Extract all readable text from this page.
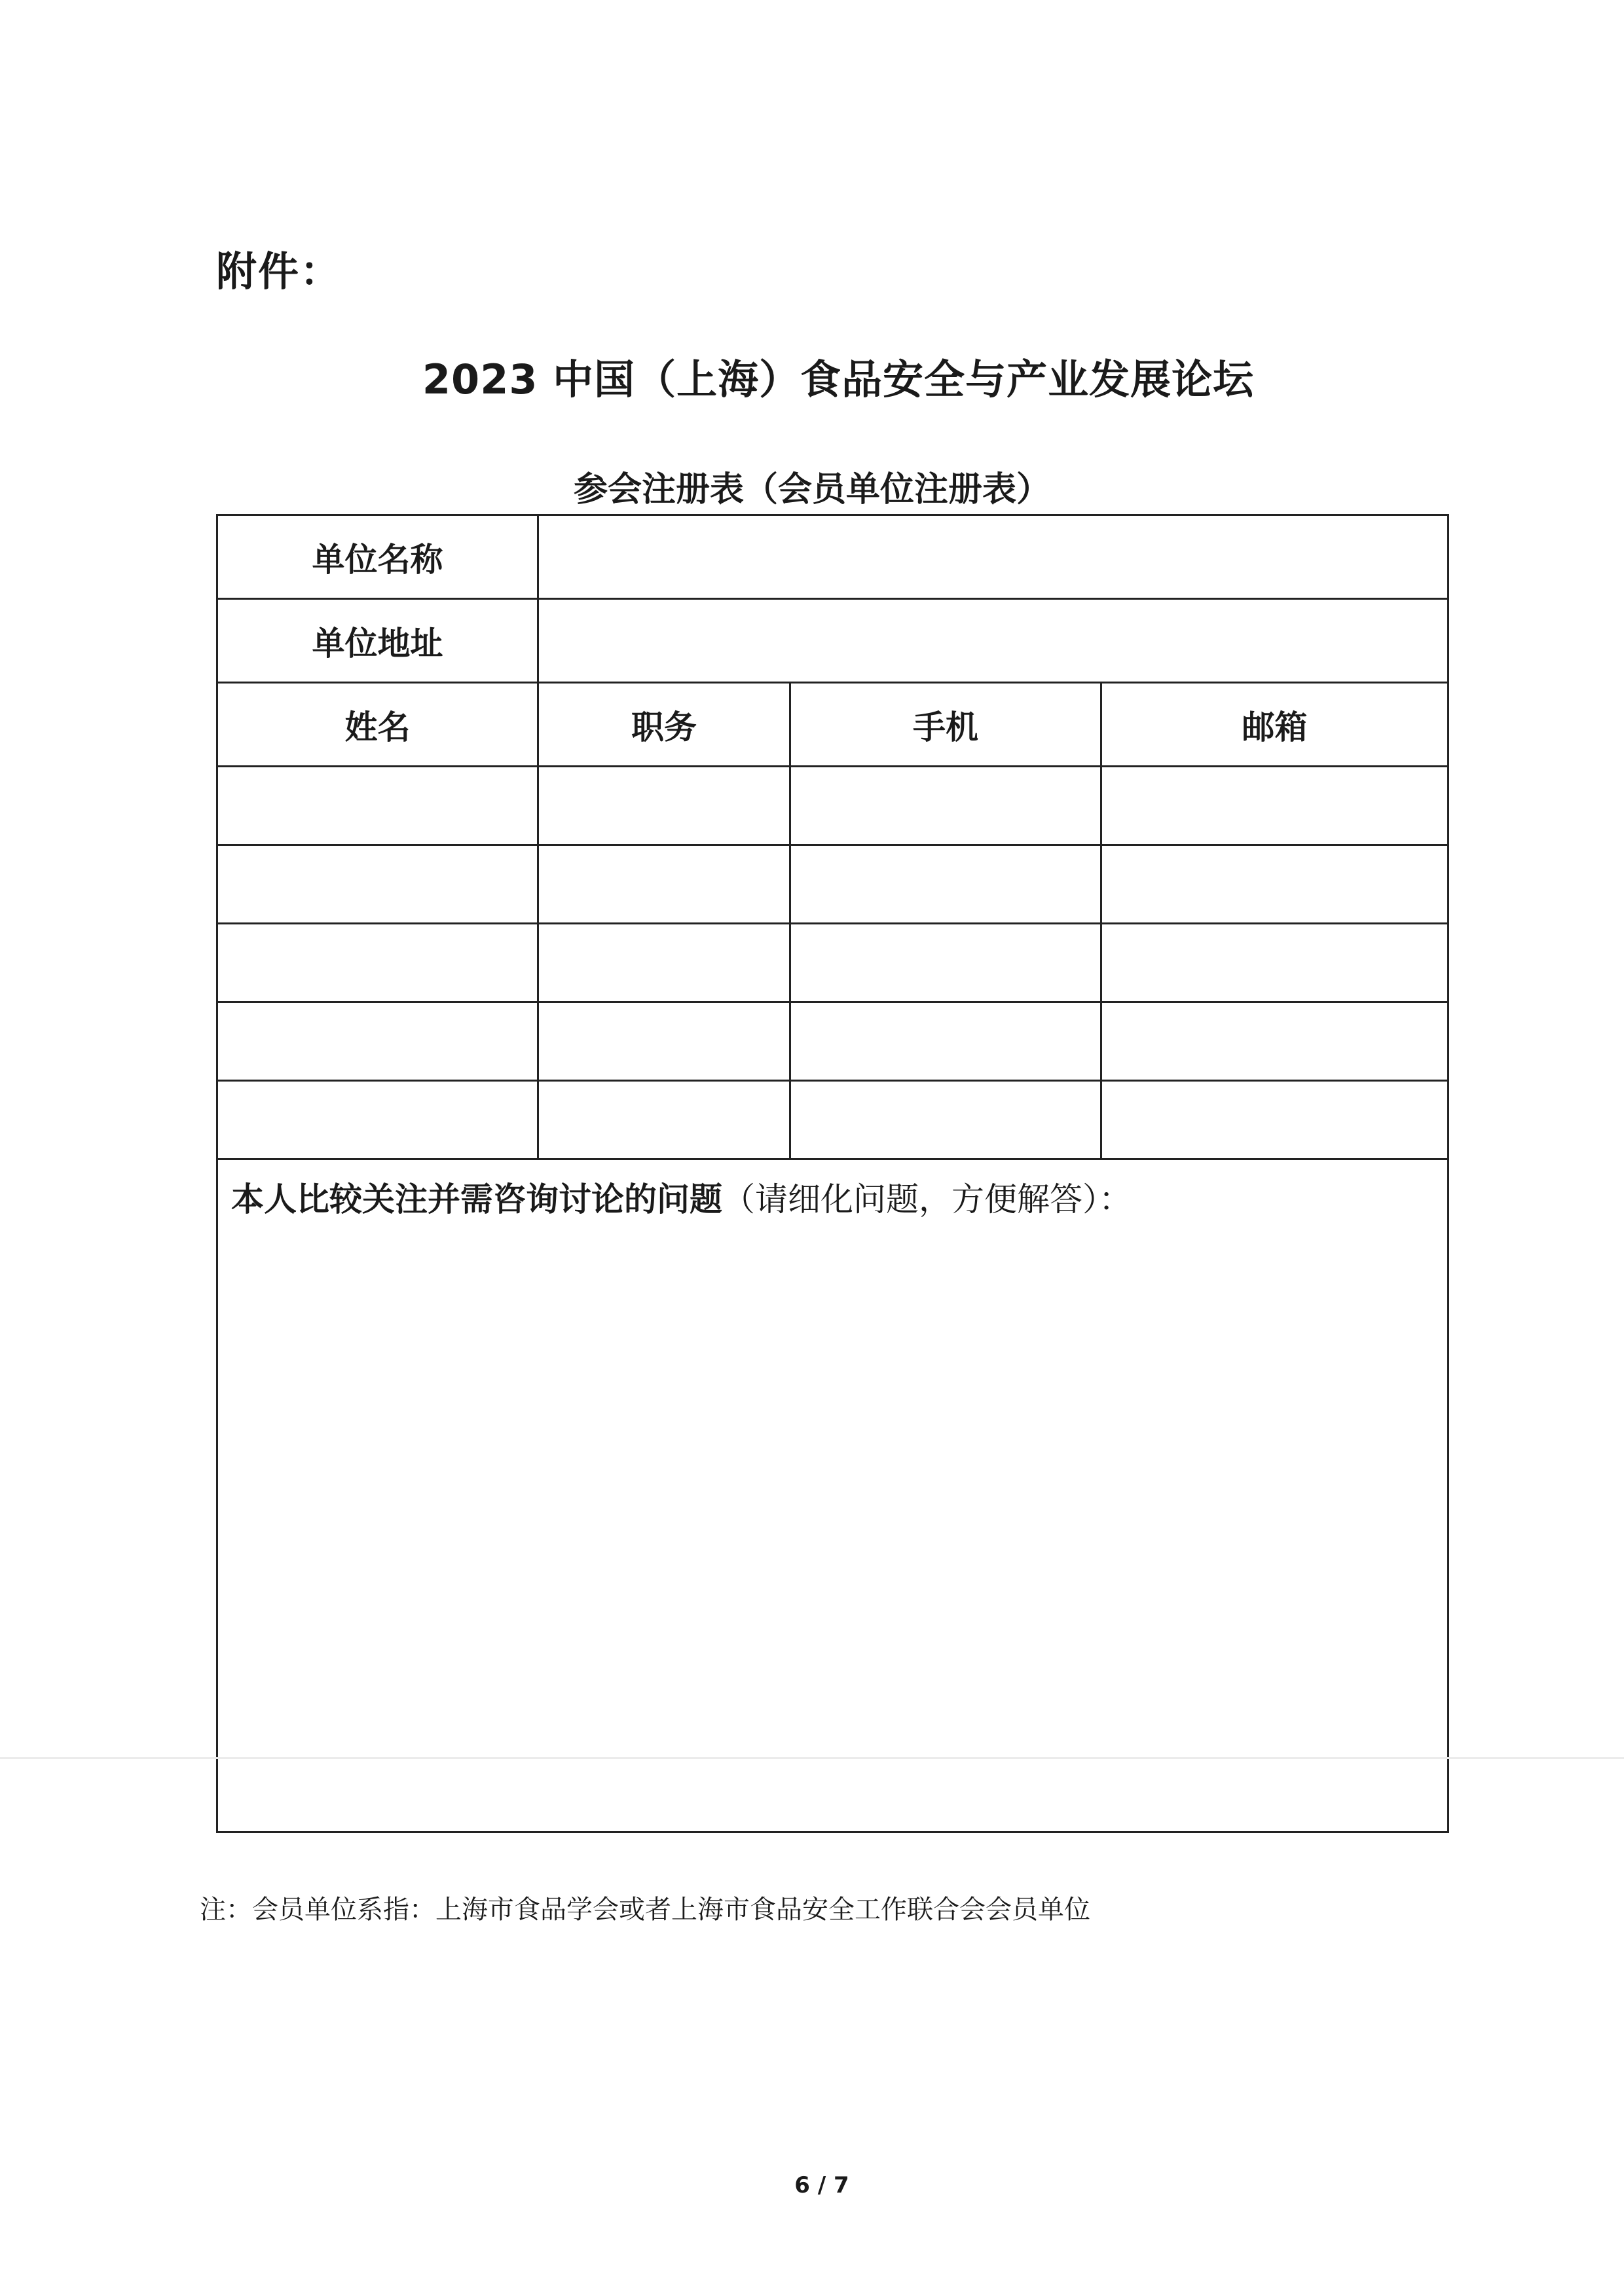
附件：
2023 中国（上海）食品安全与产业发展论坛
参会注册表（会员单位注册表）
单位名称			
单位地址			
姓名	职务	手机	邮箱

本人比较关注并需咨询讨论的问题（请细化问题，方便解答）：			
注：会员单位系指：上海市食品学会或者上海市食品安全工作联合会会员单位
6 / 7
